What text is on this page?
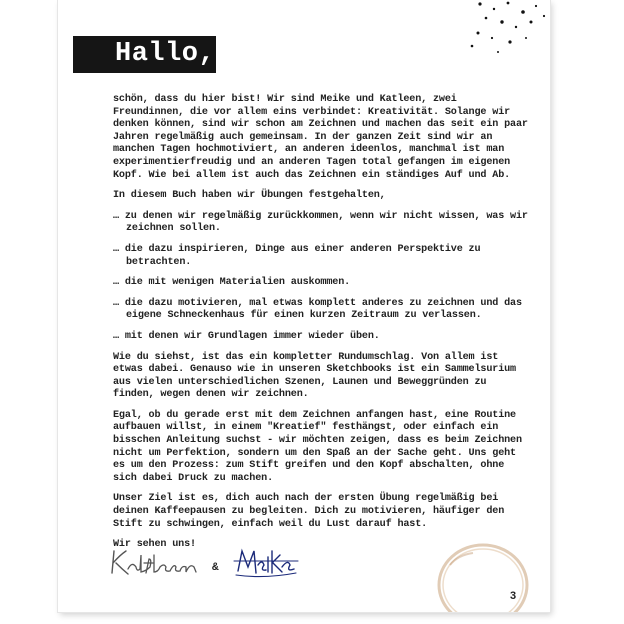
Hallo,

schön, dass du hier bist! Wir sind Meike und Katleen, zwei Freundinnen, die vor allem eins verbindet: Kreativität. Solange wir denken können, sind wir schon am Zeichnen und machen das seit ein paar Jahren regelmäßig auch gemeinsam. In der ganzen Zeit sind wir an manchen Tagen hochmotiviert, an anderen ideenlos, manchmal ist man experimentierfreudig und an anderen Tagen total gefangen im eigenen Kopf. Wie bei allem ist auch das Zeichnen ein ständiges Auf und Ab.

In diesem Buch haben wir Übungen festgehalten,

… zu denen wir regelmäßig zurückkommen, wenn wir nicht wissen, was wir zeichnen sollen.

… die dazu inspirieren, Dinge aus einer anderen Perspektive zu betrachten.

… die mit wenigen Materialien auskommen.

… die dazu motivieren, mal etwas komplett anderes zu zeichnen und das eigene Schneckenhaus für einen kurzen Zeitraum zu verlassen.

… mit denen wir Grundlagen immer wieder üben.

Wie du siehst, ist das ein kompletter Rundumschlag. Von allem ist etwas dabei. Genauso wie in unseren Sketchbooks ist ein Sammelsurium aus vielen unterschiedlichen Szenen, Launen und Beweggründen zu finden, wegen denen wir zeichnen.

Egal, ob du gerade erst mit dem Zeichnen anfangen hast, eine Routine aufbauen willst, in einem "Kreatief" festhängst, oder einfach ein bisschen Anleitung suchst - wir möchten zeigen, dass es beim Zeichnen nicht um Perfektion, sondern um den Spaß an der Sache geht. Uns geht es um den Prozess: zum Stift greifen und den Kopf abschalten, ohne sich dabei Druck zu machen.

Unser Ziel ist es, dich auch nach der ersten Übung regelmäßig bei deinen Kaffeepausen zu begleiten. Dich zu motivieren, häufiger den Stift zu schwingen, einfach weil du Lust darauf hast.

Wir sehen uns!

&
3
